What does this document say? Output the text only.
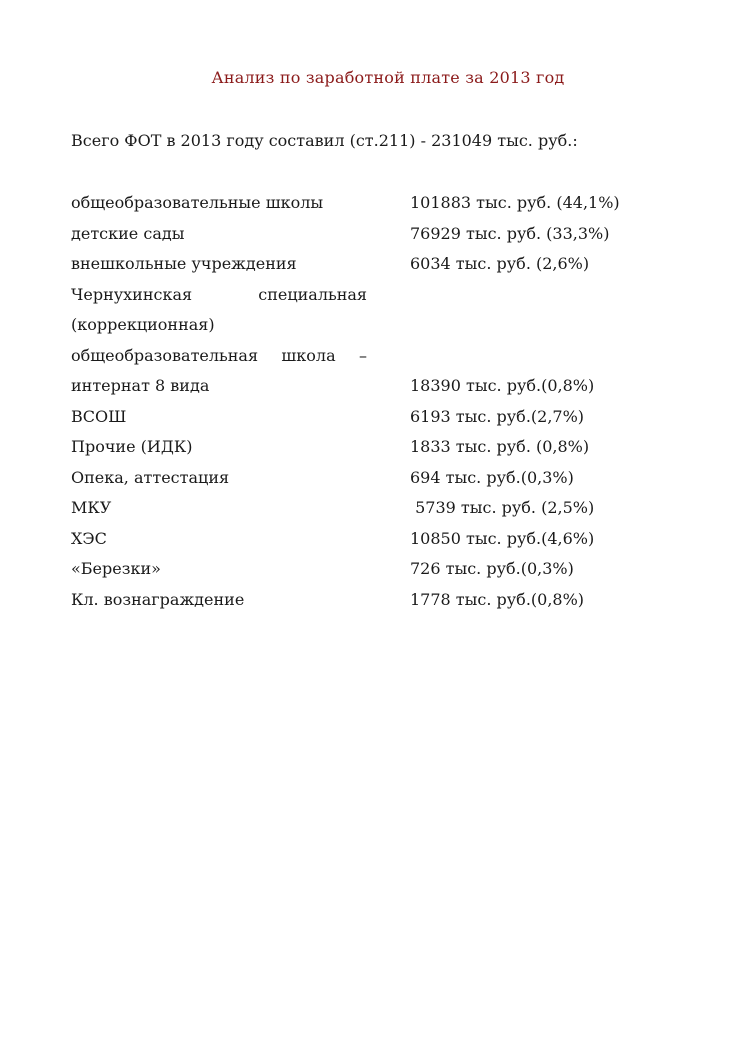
Анализ по заработной плате за 2013 год
Всего ФОТ в 2013 году составил (ст.211) - 231049 тыс. руб.:
общеобразовательные школы	101883 тыс. руб. (44,1%)
детские сады	76929 тыс. руб. (33,3%)
внешкольные учреждения	6034 тыс. руб. (2,6%)
Чернухинская специальная
(коррекционная)
общеобразовательная школа –
интернат 8 вида	18390 тыс. руб.(0,8%)
ВСОШ	6193 тыс. руб.(2,7%)
Прочие (ИДК)	1833 тыс. руб. (0,8%)
Опека, аттестация	694 тыс. руб.(0,3%)
МКУ	5739 тыс. руб. (2,5%)
ХЭС	10850 тыс. руб.(4,6%)
«Березки»	726 тыс. руб.(0,3%)
Кл. вознаграждение	1778 тыс. руб.(0,8%)
